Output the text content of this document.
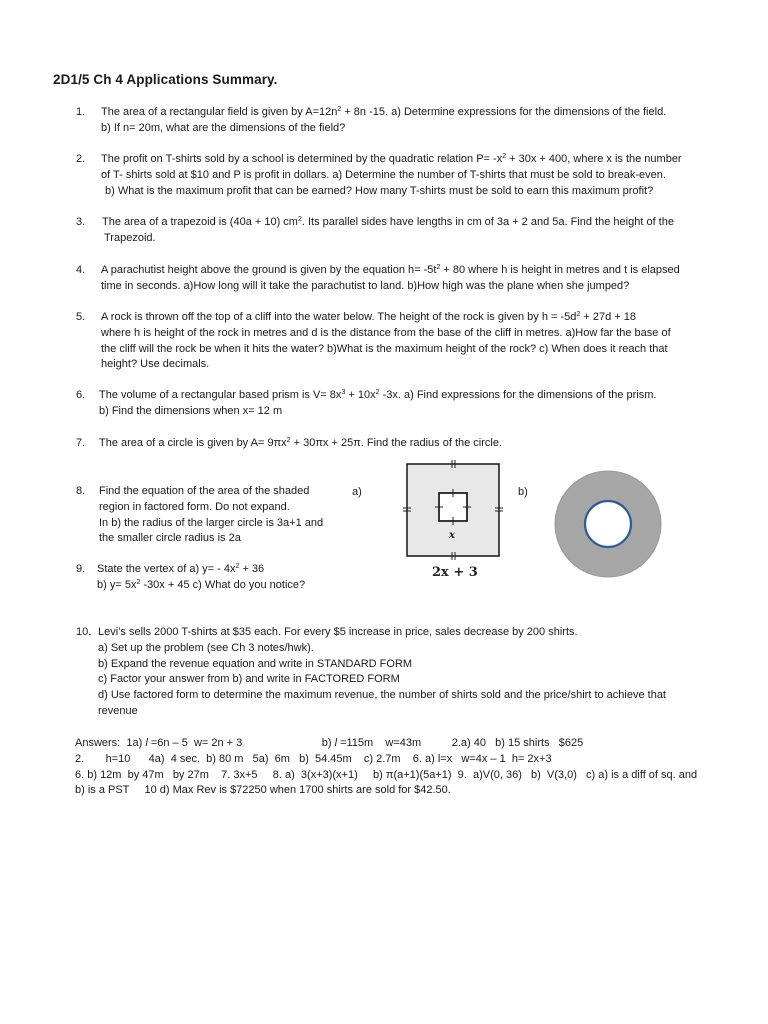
2D1/5 Ch 4 Applications Summary.
1. The area of a rectangular field is given by $A=12n^2 + 8n$ -15. a) Determine expressions for the dimensions of the field.
b) If n= 20m, what are the dimensions of the field?
2. The profit on T-shirts sold by a school is determined by the quadratic relation $P= -x^2 + 30x + 400$, where x is the number
of T- shirts sold at $10 and P is profit in dollars. a) Determine the number of T-shirts that must be sold to break-even.
b) What is the maximum profit that can be earned? How many T-shirts must be sold to earn this maximum profit?
3. The area of a trapezoid is (40a + 10) $cm^2$. Its parallel sides have lengths in cm of 3a + 2 and 5a. Find the height of the
Trapezoid.
4. A parachutist height above the ground is given by the equation $h= -5t^2 + 80$ where h is height in metres and t is elapsed
time in seconds. a)How long will it take the parachutist to land. b)How high was the plane when she jumped?
5. A rock is thrown off the top of a cliff into the water below. The height of the rock is given by $h = -5d^2 + 27d + 18$
where h is height of the rock in metres and d is the distance from the base of the cliff in metres. a)How far the base of
the cliff will the rock be when it hits the water? b)What is the maximum height of the rock? c) When does it reach that
height? Use decimals.
6. The volume of a rectangular based prism is $V= 8x^3 + 10x^2$ -3x. a) Find expressions for the dimensions of the prism.
b) Find the dimensions when x= 12 m
7. The area of a circle is given by $A= 9\pi x^2 + 30\pi x + 25\pi$. Find the radius of the circle.
8. Find the equation of the area of the shaded
region in factored form. Do not expand.
In b) the radius of the larger circle is 3a+1 and
the smaller circle radius is 2a
9. State the vertex of a) $y= - 4x^2 + 36$
b) $y= 5x^2$ -30x + 45 c) What do you notice?
10. Levi’s sells 2000 T-shirts at $35 each. For every $5 increase in price, sales decrease by 200 shirts.
a) Set up the problem (see Ch 3 notes/hwk).
b) Expand the revenue equation and write in STANDARD FORM
c) Factor your answer from b) and write in FACTORED FORM
d) Use factored form to determine the maximum revenue, the number of shirts sold and the price/shirt to achieve that
revenue
a)
x
2x + 3
b)
Answers:  1a) l =6n – 5  w= 2n + 3                          b) l =115m    w=43m          2.a) 40   b) 15 shirts   $625
2.       h=10      4a)  4 sec.  b) 80 m   5a)  6m   b)  54.45m    c) 2.7m    6. a) l=x   w=4x – 1  h= 2x+3
6. b) 12m  by 47m   by 27m    7. 3x+5     8. a)  3(x+3)(x+1)     b) π(a+1)(5a+1)  9.  a)V(0, 36)   b)  V(3,0)   c) a) is a diff of sq. and
b) is a PST     10 d) Max Rev is $72250 when 1700 shirts are sold for $42.50.
